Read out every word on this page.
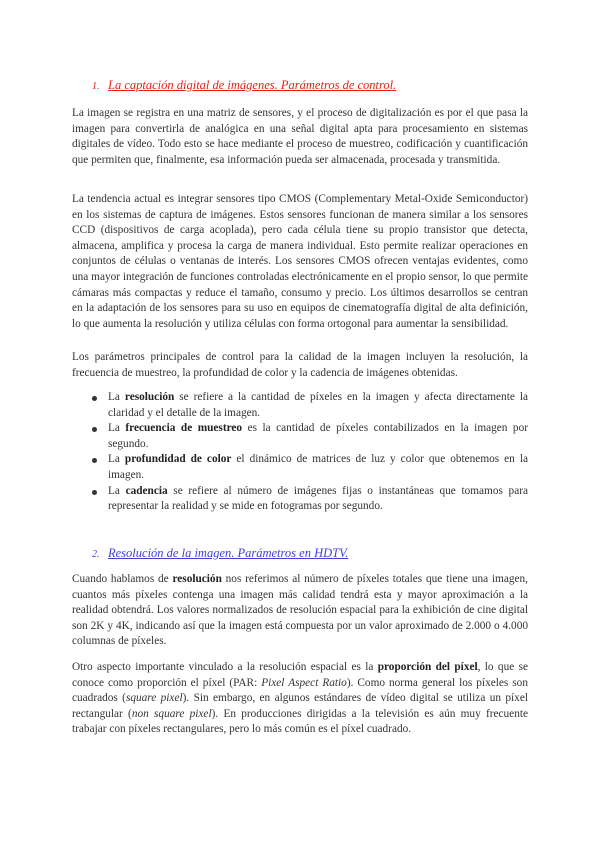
1. La captación digital de imágenes. Parámetros de control.

La imagen se registra en una matriz de sensores, y el proceso de digitalización es por el que pasa la imagen para convertirla de analógica en una señal digital apta para procesamiento en sistemas digitales de vídeo. Todo esto se hace mediante el proceso de muestreo, codificación y cuantificación que permiten que, finalmente, esa información pueda ser almacenada, procesada y transmitida.

La tendencia actual es integrar sensores tipo CMOS (Complementary Metal-Oxide Semiconductor) en los sistemas de captura de imágenes. Estos sensores funcionan de manera similar a los sensores CCD (dispositivos de carga acoplada), pero cada célula tiene su propio transistor que detecta, almacena, amplifica y procesa la carga de manera individual. Esto permite realizar operaciones en conjuntos de células o ventanas de interés. Los sensores CMOS ofrecen ventajas evidentes, como una mayor integración de funciones controladas electrónicamente en el propio sensor, lo que permite cámaras más compactas y reduce el tamaño, consumo y precio. Los últimos desarrollos se centran en la adaptación de los sensores para su uso en equipos de cinematografía digital de alta definición, lo que aumenta la resolución y utiliza células con forma ortogonal para aumentar la sensibilidad.

Los parámetros principales de control para la calidad de la imagen incluyen la resolución, la frecuencia de muestreo, la profundidad de color y la cadencia de imágenes obtenidas.

La resolución se refiere a la cantidad de píxeles en la imagen y afecta directamente la claridad y el detalle de la imagen.
La frecuencia de muestreo es la cantidad de píxeles contabilizados en la imagen por segundo.
La profundidad de color el dinámico de matrices de luz y color que obtenemos en la imagen.
La cadencia se refiere al número de imágenes fijas o instantáneas que tomamos para representar la realidad y se mide en fotogramas por segundo.
2. Resolución de la imagen. Parámetros en HDTV.

Cuando hablamos de resolución nos referimos al número de píxeles totales que tiene una imagen, cuantos más píxeles contenga una imagen más calidad tendrá esta y mayor aproximación a la realidad obtendrá. Los valores normalizados de resolución espacial para la exhibición de cine digital son 2K y 4K, indicando así que la imagen está compuesta por un valor aproximado de 2.000 o 4.000 columnas de píxeles.

Otro aspecto importante vinculado a la resolución espacial es la proporción del píxel, lo que se conoce como proporción el píxel (PAR: Pixel Aspect Ratio). Como norma general los píxeles son cuadrados (square pixel). Sin embargo, en algunos estándares de vídeo digital se utiliza un píxel rectangular (non square pixel). En producciones dirigidas a la televisión es aún muy frecuente trabajar con píxeles rectangulares, pero lo más común es el píxel cuadrado.
